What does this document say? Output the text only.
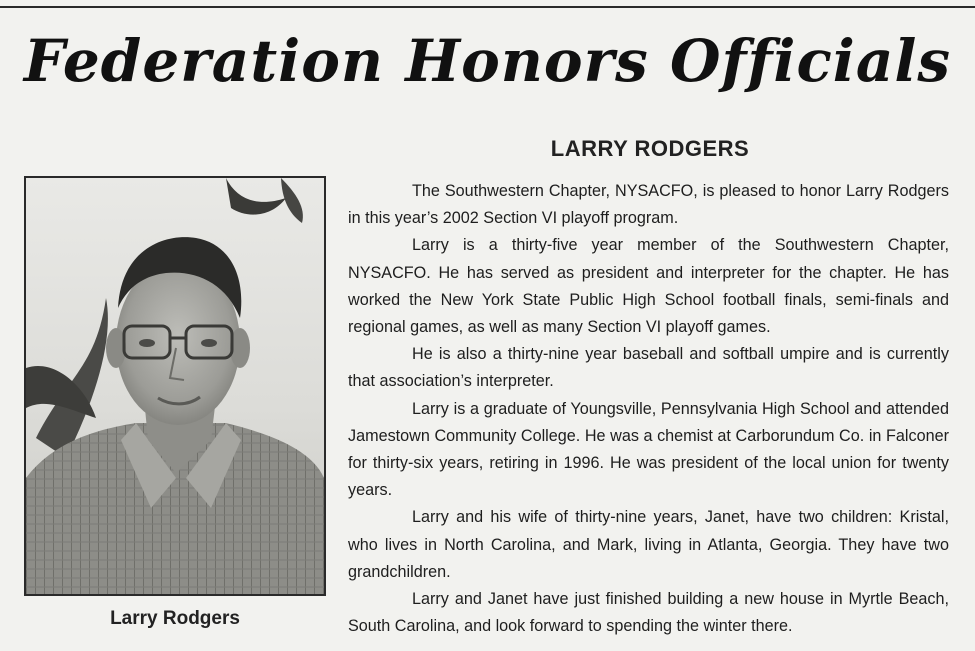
Federation Honors Officials
LARRY RODGERS
Larry Rodgers

The Southwestern Chapter, NYSACFO, is pleased to honor Larry Rodgers in this year’s 2002 Section VI playoff program.

Larry is a thirty-five year member of the Southwestern Chapter, NYSACFO. He has served as president and interpreter for the chapter. He has worked the New York State Public High School football finals, semi-finals and regional games, as well as many Section VI playoff games.

He is also a thirty-nine year baseball and softball umpire and is currently that association’s interpreter.

Larry is a graduate of Youngsville, Pennsylvania High School and attended Jamestown Community College. He was a chemist at Carborundum Co. in Falconer for thirty-six years, retiring in 1996. He was president of the local union for twenty years.

Larry and his wife of thirty-nine years, Janet, have two children: Kristal, who lives in North Carolina, and Mark, living in Atlanta, Georgia. They have two grandchildren.

Larry and Janet have just finished building a new house in Myrtle Beach, South Carolina, and look forward to spending the winter there.
